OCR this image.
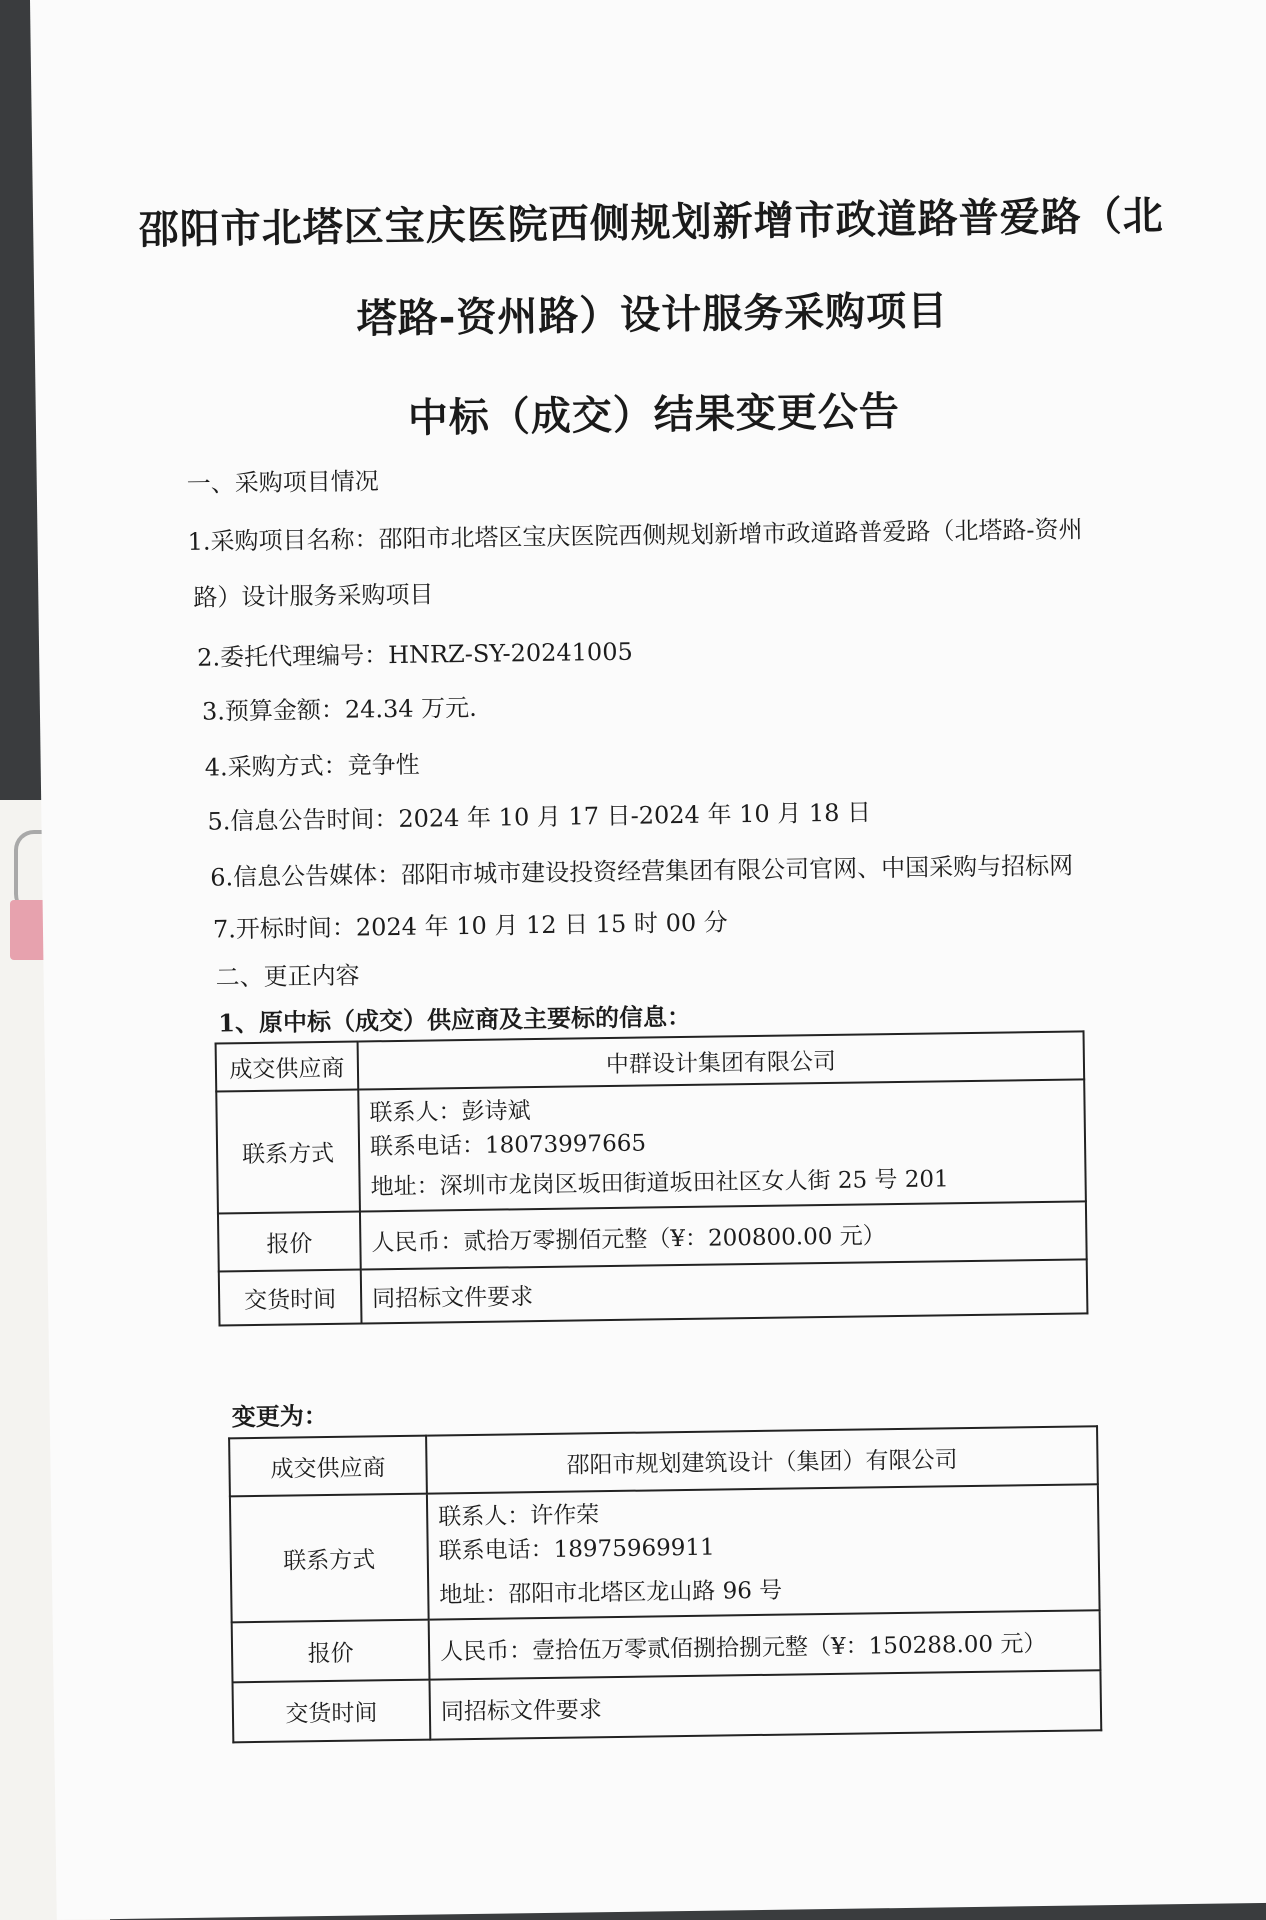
邵阳市北塔区宝庆医院西侧规划新增市政道路普爱路（北
塔路-资州路）设计服务采购项目
中标（成交）结果变更公告
一、采购项目情况
1.采购项目名称：邵阳市北塔区宝庆医院西侧规划新增市政道路普爱路（北塔路-资州
路）设计服务采购项目
2.委托代理编号：HNRZ-SY-20241005
3.预算金额：24.34 万元.
4.采购方式：竞争性
5.信息公告时间：2024 年 10 月 17 日-2024 年 10 月 18 日
6.信息公告媒体：邵阳市城市建设投资经营集团有限公司官网、中国采购与招标网
7.开标时间：2024 年 10 月 12 日 15 时 00 分
二、更正内容
1、原中标（成交）供应商及主要标的信息：
成交供应商	中群设计集团有限公司
联系方式	联系人：彭诗斌
联系电话：18073997665
地址：深圳市龙岗区坂田街道坂田社区女人街 25 号 201

报价	人民币：贰拾万零捌佰元整（¥：200800.00 元）
交货时间	同招标文件要求
变更为：
成交供应商	邵阳市规划建筑设计（集团）有限公司
联系方式	联系人：许作荣
联系电话：18975969911
地址：邵阳市北塔区龙山路 96 号

报价	人民币：壹拾伍万零贰佰捌拾捌元整（¥：150288.00 元）
交货时间	同招标文件要求
